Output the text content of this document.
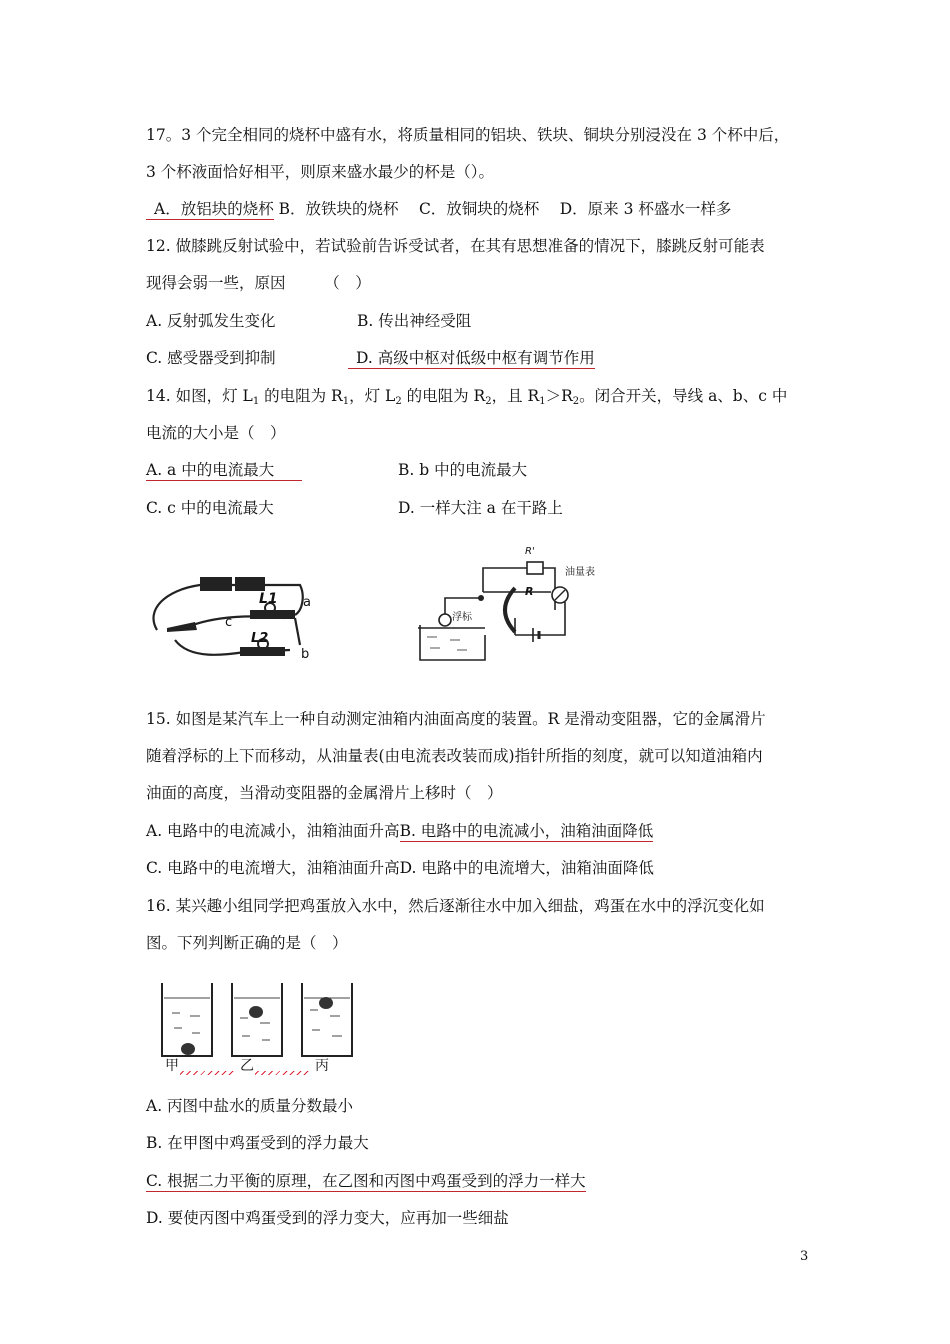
17。3 个完全相同的烧杯中盛有水，将质量相同的铝块、铁块、铜块分别浸没在 3 个杯中后，
3 个杯液面恰好相平，则原来盛水最少的杯是（）。
A．放铝块的烧杯 B．放铁块的烧杯　 C．放铜块的烧杯　 D．原来 3 杯盛水一样多
12. 做膝跳反射试验中，若试验前告诉受试者，在其有思想准备的情况下，膝跳反射可能表
现得会弱一些，原因　　　（　）
A. 反射弧发生变化	B. 传出神经受阻
C. 感受器受到抑制	D. 高级中枢对低级中枢有调节作用
14. 如图，灯 $L_1$ 的电阻为 $R_1$，灯 $L_2$ 的电阻为 $R_2$，且 $R_1>R_2$。闭合开关，导线 a、b、c 中
电流的大小是（　）
A. a 中的电流最大	B. b 中的电流最大
C. c 中的电流最大	D. 一样大注 a 在干路上
L1
L2
a
b
c
R'
R
油量表
浮标
15. 如图是某汽车上一种自动测定油箱内油面高度的装置。R 是滑动变阻器，它的金属滑片
随着浮标的上下而移动，从油量表(由电流表改装而成)指针所指的刻度，就可以知道油箱内
油面的高度，当滑动变阻器的金属滑片上移时（　）
A. 电路中的电流减小，油箱油面升高B. 电路中的电流减小，油箱油面降低
C. 电路中的电流增大，油箱油面升高D. 电路中的电流增大，油箱油面降低
16. 某兴趣小组同学把鸡蛋放入水中，然后逐渐往水中加入细盐，鸡蛋在水中的浮沉变化如
图。下列判断正确的是（　）
甲	乙	丙
A. 丙图中盐水的质量分数最小
B. 在甲图中鸡蛋受到的浮力最大
C. 根据二力平衡的原理，在乙图和丙图中鸡蛋受到的浮力一样大
D. 要使丙图中鸡蛋受到的浮力变大，应再加一些细盐
3
